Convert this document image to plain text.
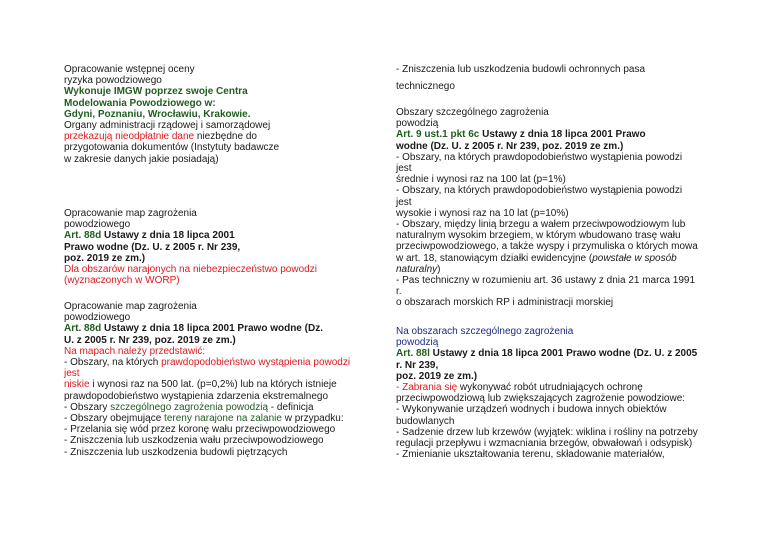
Opracowanie wstępnej oceny
ryzyka powodziowego
Wykonuje IMGW poprzez swoje Centra
Modelowania Powodziowego w:
Gdyni, Poznaniu, Wrocławiu, Krakowie.
Organy administracji rządowej i samorządowej
przekazują nieodpłatnie dane niezbędne do
przygotowania dokumentów (Instytuty badawcze
w zakresie danych jakie posiadają)
Opracowanie map zagrożenia
powodziowego
Art. 88d Ustawy z dnia 18 lipca 2001
Prawo wodne (Dz. U. z 2005 r. Nr 239,
poz. 2019 ze zm.)
Dla obszarów narajonych na niebezpieczeństwo powodzi
(wyznaczonych w WORP)
Opracowanie map zagrożenia
powodziowego
Art. 88d Ustawy z dnia 18 lipca 2001 Prawo wodne (Dz.
U. z 2005 r. Nr 239, poz. 2019 ze zm.)
Na mapach należy przedstawić:
- Obszary, na których prawdopodobieństwo wystąpienia powodzi
jest
niskie i wynosi raz na 500 lat. (p=0,2%) lub na których istnieje
prawdopodobieństwo wystąpienia zdarzenia ekstremalnego
- Obszary szczególnego zagrożenia powodzią - definicja
- Obszary obejmujące tereny narajone na zalanie w przypadku:
- Przelania się wód przez koronę wału przeciwpowodziowego
- Zniszczenia lub uszkodzenia wału przeciwpowodziowego
- Zniszczenia lub uszkodzenia budowli piętrzących
- Zniszczenia lub uszkodzenia budowli ochronnych pasa
technicznego
Obszary szczególnego zagrożenia
powodzią
Art. 9 ust.1 pkt 6c Ustawy z dnia 18 lipca 2001 Prawo
wodne (Dz. U. z 2005 r. Nr 239, poz. 2019 ze zm.)
- Obszary, na których prawdopodobieństwo wystąpienia powodzi
jest
średnie i wynosi raz na 100 lat (p=1%)
- Obszary, na których prawdopodobieństwo wystąpienia powodzi
jest
wysokie i wynosi raz na 10 lat (p=10%)
- Obszary, między linią brzegu a wałem przeciwpowodziowym lub
naturalnym wysokim brzegiem, w którym wbudowano trasę wału
przeciwpowodziowego, a także wyspy i przymuliska o których mowa
w art. 18, stanowiącym działki ewidencyjne (powstałe w sposób
naturalny)
- Pas techniczny w rozumieniu art. 36 ustawy z dnia 21 marca 1991
r.
o obszarach morskich RP i administracji morskiej
Na obszarach szczególnego zagrożenia
powodzią
Art. 88l Ustawy z dnia 18 lipca 2001 Prawo wodne (Dz. U. z 2005
r. Nr 239,
poz. 2019 ze zm.)
- Zabrania się wykonywać robót utrudniających ochronę
przeciwpowodziową lub zwiększających zagrożenie powodziowe:
- Wykonywanie urządzeń wodnych i budowa innych obiektów
budowlanych
- Sadzenie drzew lub krzewów (wyjątek: wiklina i rośliny na potrzeby
regulacji przepływu i wzmacniania brzegów, obwałowań i odsypisk)
- Zmienianie ukształtowania terenu, składowanie materiałów,
